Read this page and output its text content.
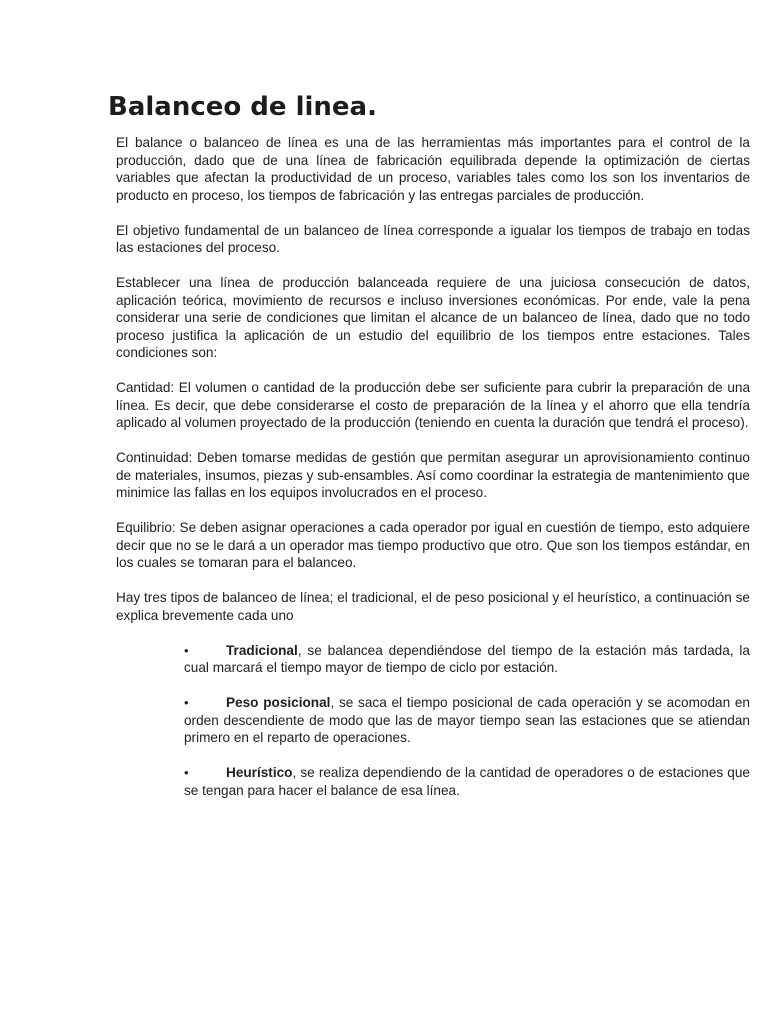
Balanceo de linea.

El balance o balanceo de línea es una de las herramientas más importantes para el control de la producción, dado que de una línea de fabricación equilibrada depende la optimización de ciertas variables que afectan la productividad de un proceso, variables tales como los son los inventarios de producto en proceso, los tiempos de fabricación y las entregas parciales de producción.

El objetivo fundamental de un balanceo de línea corresponde a igualar los tiempos de trabajo en todas las estaciones del proceso.

Establecer una línea de producción balanceada requiere de una juiciosa consecución de datos, aplicación teórica, movimiento de recursos e incluso inversiones económicas. Por ende, vale la pena considerar una serie de condiciones que limitan el alcance de un balanceo de línea, dado que no todo proceso justifica la aplicación de un estudio del equilibrio de los tiempos entre estaciones. Tales condiciones son:

Cantidad: El volumen o cantidad de la producción debe ser suficiente para cubrir la preparación de una línea. Es decir, que debe considerarse el costo de preparación de la línea y el ahorro que ella tendría aplicado al volumen proyectado de la producción (teniendo en cuenta la duración que tendrá el proceso).

Continuidad: Deben tomarse medidas de gestión que permitan asegurar un aprovisionamiento continuo de materiales, insumos, piezas y sub-ensambles. Así como coordinar la estrategia de mantenimiento que minimice las fallas en los equipos involucrados en el proceso.

Equilibrio: Se deben asignar operaciones a cada operador por igual en cuestión de tiempo, esto adquiere decir que no se le dará a un operador mas tiempo productivo que otro. Que son los tiempos estándar, en los cuales se tomaran para el balanceo.

Hay tres tipos de balanceo de línea; el tradicional, el de peso posicional y el heurístico, a continuación se explica brevemente cada uno

•	Tradicional, se balancea dependiéndose del tiempo de la estación más tardada, la cual marcará el tiempo mayor de tiempo de ciclo por estación.
•	Peso posicional, se saca el tiempo posicional de cada operación y se acomodan en orden descendiente de modo que las de mayor tiempo sean las estaciones que se atiendan primero en el reparto de operaciones.
•	Heurístico, se realiza dependiendo de la cantidad de operadores o de estaciones que se tengan para hacer el balance de esa línea.
